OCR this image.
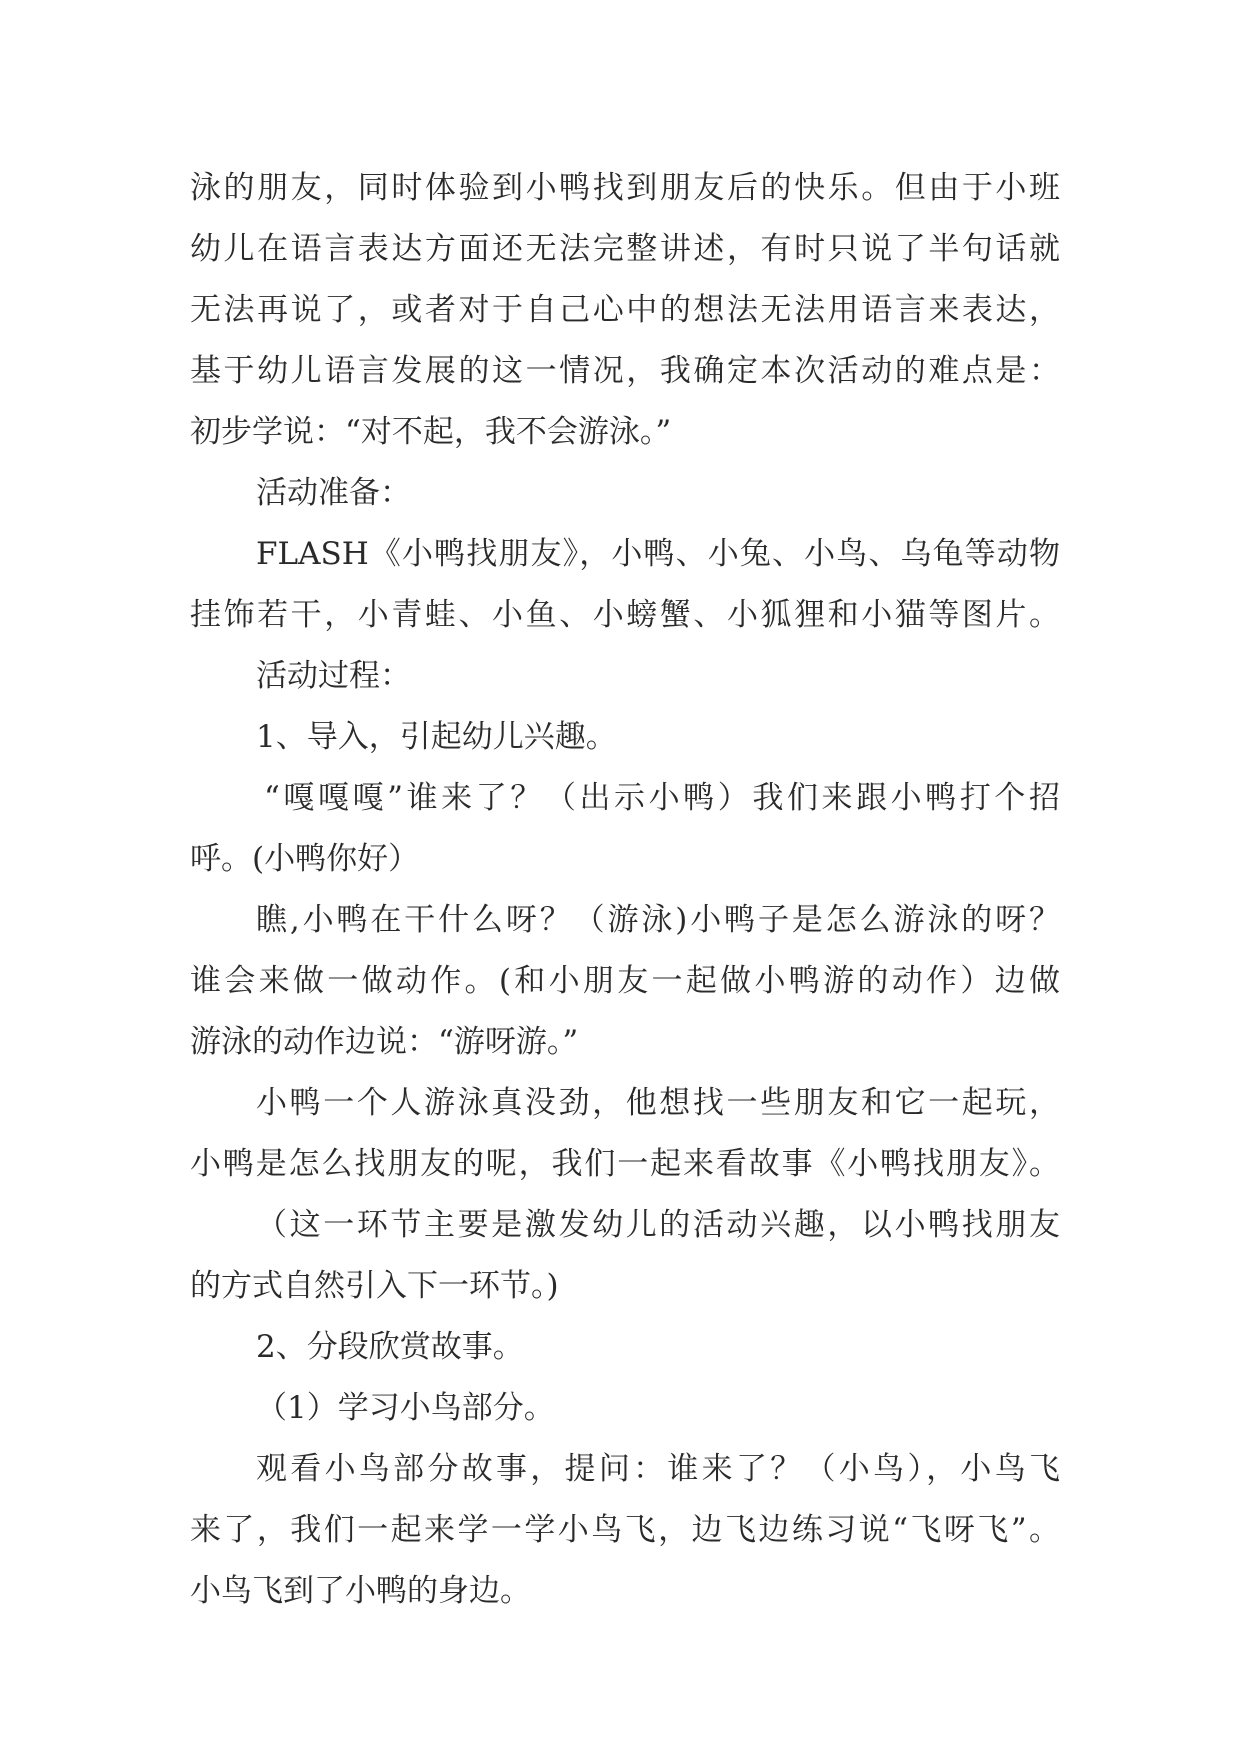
泳的朋友，同时体验到小鸭找到朋友后的快乐。但由于小班
幼儿在语言表达方面还无法完整讲述，有时只说了半句话就
无法再说了，或者对于自己心中的想法无法用语言来表达，
基于幼儿语言发展的这一情况，我确定本次活动的难点是：
初步学说：“对不起，我不会游泳。”
活动准备：
FLASH《小鸭找朋友》，小鸭、小兔、小鸟、乌龟等动物
挂饰若干，小青蛙、小鱼、小螃蟹、小狐狸和小猫等图片。
活动过程：
1、导入，引起幼儿兴趣。
“嘎嘎嘎”谁来了？（出示小鸭）我们来跟小鸭打个招
呼。(小鸭你好）
瞧,小鸭在干什么呀？（游泳)小鸭子是怎么游泳的呀？
谁会来做一做动作。(和小朋友一起做小鸭游的动作）边做
游泳的动作边说：“游呀游。”
小鸭一个人游泳真没劲，他想找一些朋友和它一起玩，
小鸭是怎么找朋友的呢，我们一起来看故事《小鸭找朋友》。
（这一环节主要是激发幼儿的活动兴趣，以小鸭找朋友
的方式自然引入下一环节。)
2、分段欣赏故事。
（1）学习小鸟部分。
观看小鸟部分故事，提问：谁来了？（小鸟），小鸟飞
来了，我们一起来学一学小鸟飞，边飞边练习说“飞呀飞”。
小鸟飞到了小鸭的身边。
